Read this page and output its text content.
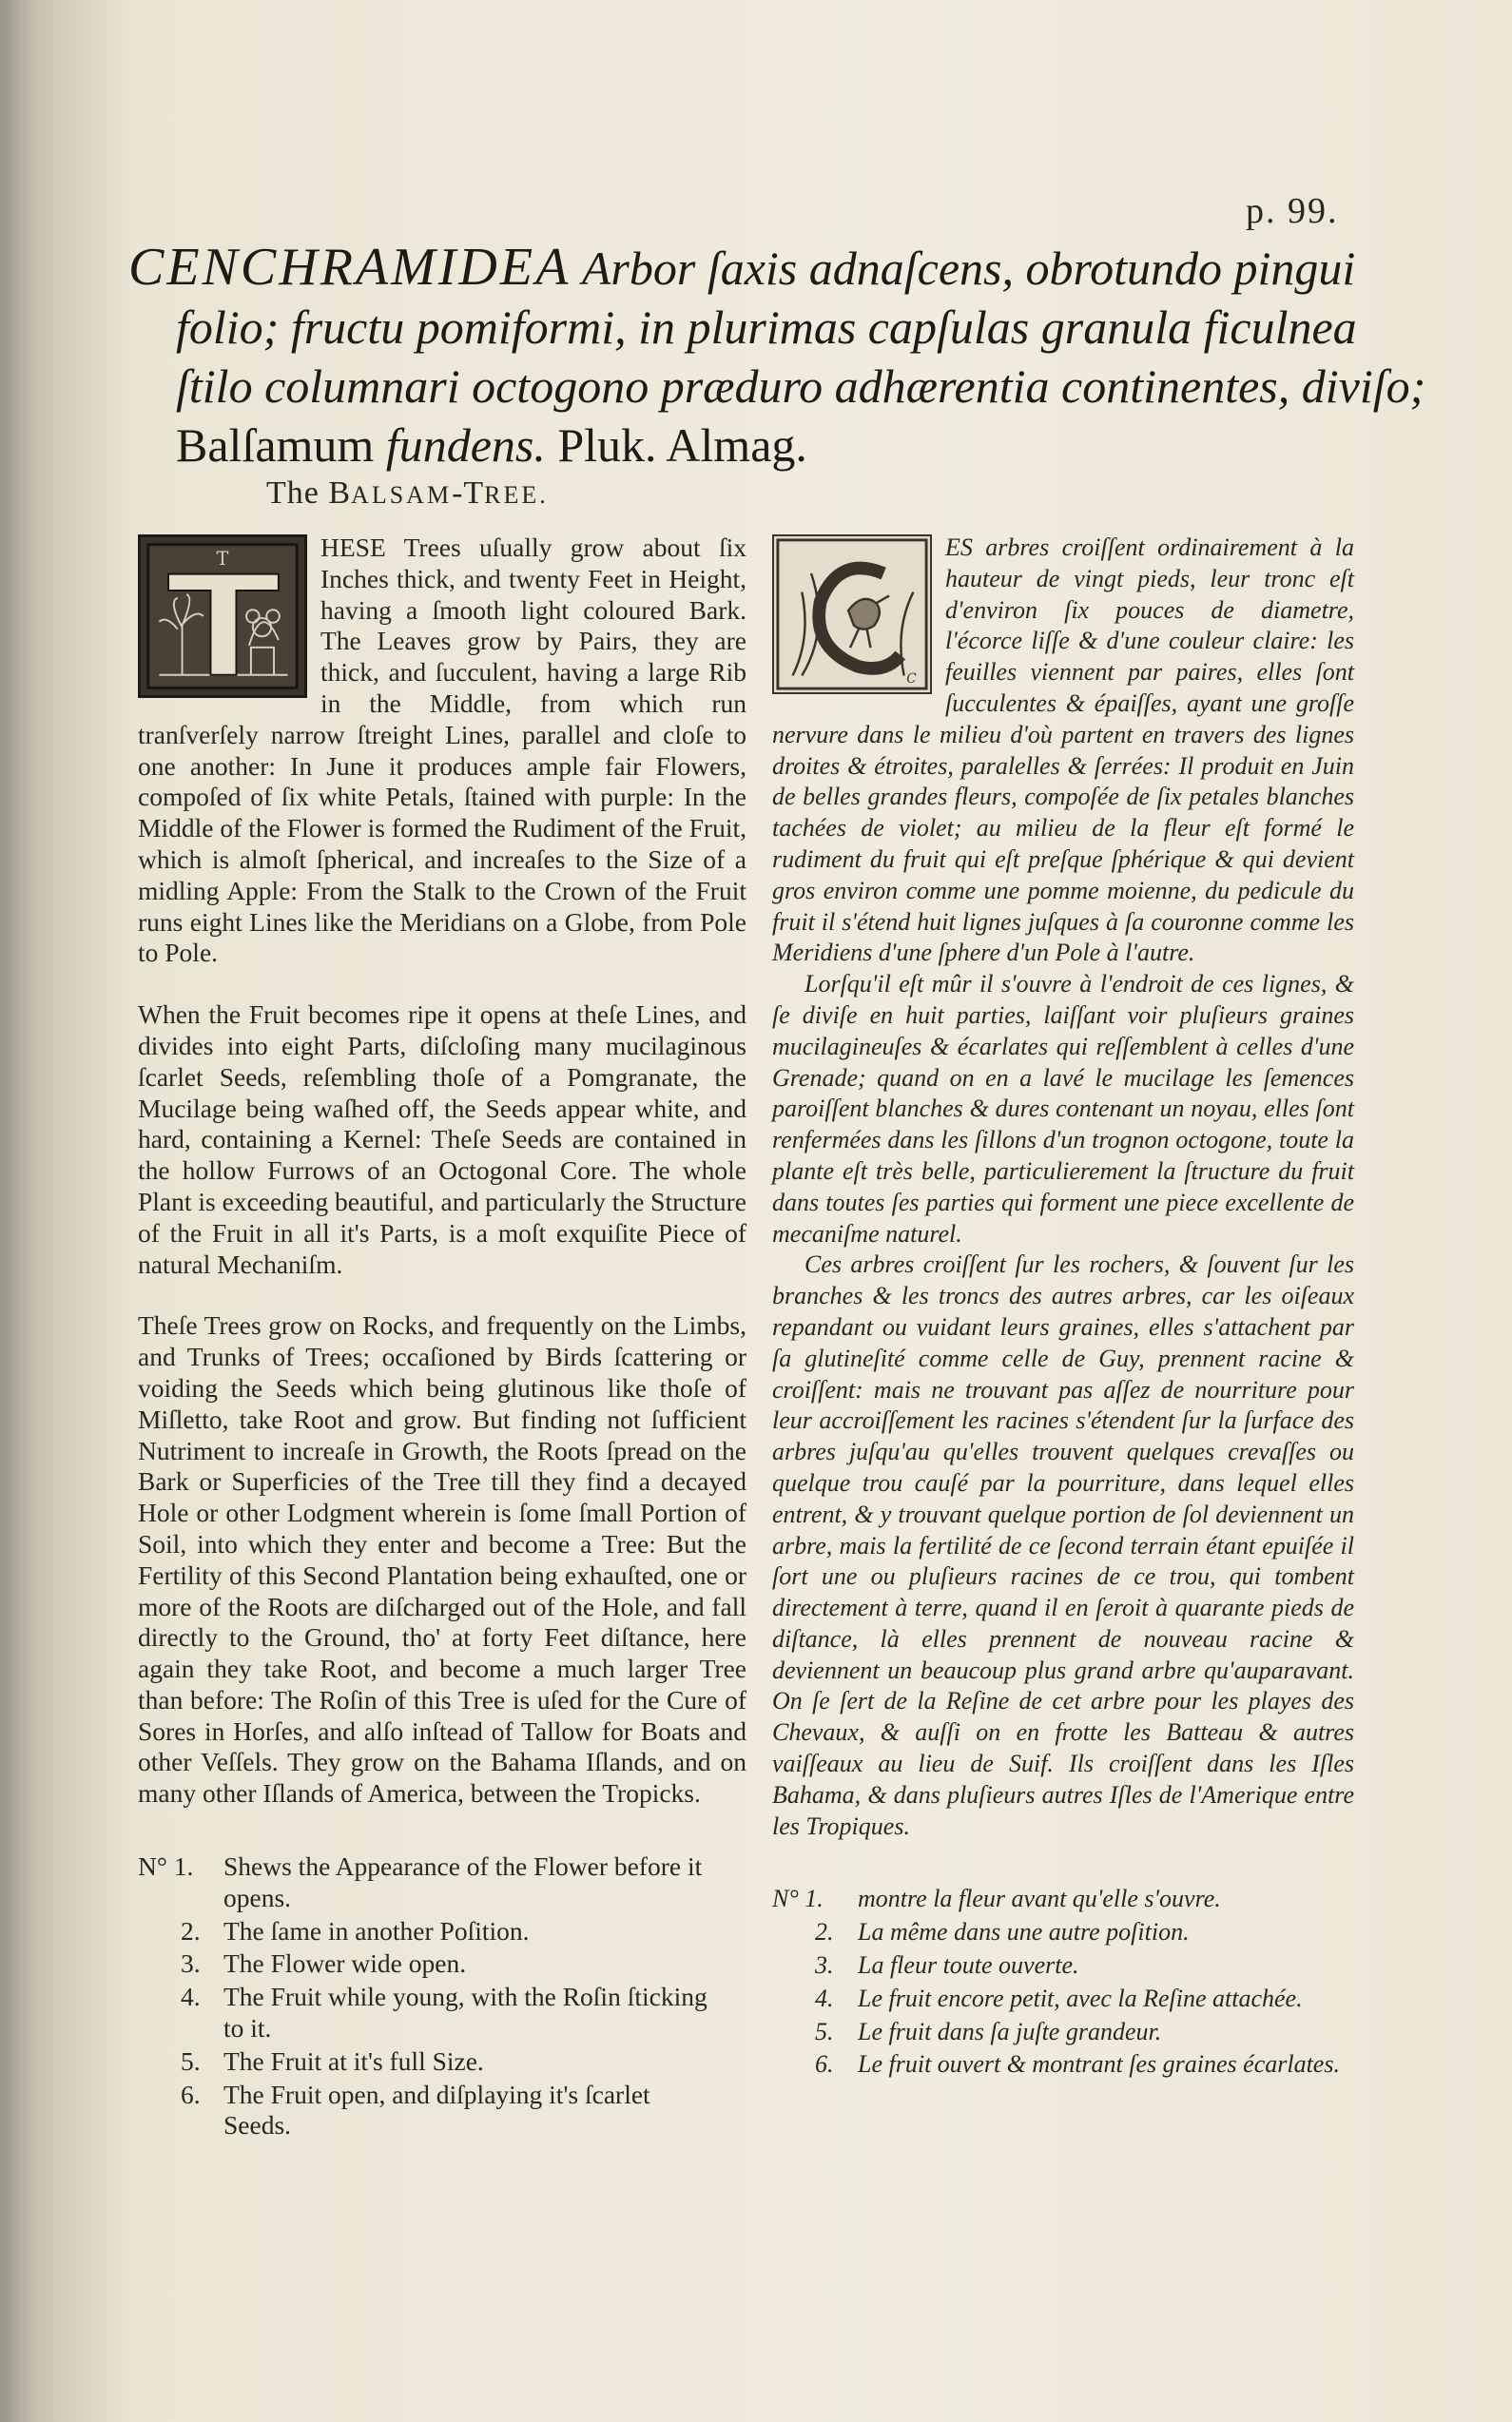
p. 99.
CENCHRAMIDEA Arbor ſaxis adnaſcens, obrotundo pingui
folio; fructu pomiformi, in plurimas capſulas granula ficulnea
ſtilo columnari octogono præduro adhærentia continentes, diviſo;
Balſamum fundens. Pluk. Almag.
The BALSAM-TREE.

T	HESE Trees uſually grow about ſix Inches thick, and twenty Feet in Height, having a ſmooth light coloured Bark. The Leaves grow by Pairs, they are thick, and ſucculent, having a large Rib in the Middle, from which run tranſverſely narrow ſtreight Lines, parallel and cloſe to one another: In June it produces ample fair Flowers, compoſed of ſix white Petals, ſtained with purple: In the Middle of the Flower is formed the Rudiment of the Fruit, which is almoſt ſpherical, and increaſes to the Size of a midling Apple: From the Stalk to the Crown of the Fruit runs eight Lines like the Meridians on a Globe, from Pole to Pole.

When the Fruit becomes ripe it opens at theſe Lines, and divides into eight Parts, diſcloſing many mucilaginous ſcarlet Seeds, reſembling thoſe of a Pomgranate, the Mucilage being waſhed off, the Seeds appear white, and hard, containing a Kernel: Theſe Seeds are contained in the hollow Furrows of an Octogonal Core. The whole Plant is exceeding beautiful, and particularly the Structure of the Fruit in all it's Parts, is a moſt exquiſite Piece of natural Mechaniſm.

Theſe Trees grow on Rocks, and frequently on the Limbs, and Trunks of Trees; occaſioned by Birds ſcattering or voiding the Seeds which being glutinous like thoſe of Miſletto, take Root and grow. But finding not ſufficient Nutriment to increaſe in Growth, the Roots ſpread on the Bark or Superficies of the Tree till they find a decayed Hole or other Lodgment wherein is ſome ſmall Portion of Soil, into which they enter and become a Tree: But the Fertility of this Second Plantation being exhauſted, one or more of the Roots are diſcharged out of the Hole, and fall directly to the Ground, tho' at forty Feet diſtance, here again they take Root, and become a much larger Tree than before: The Roſin of this Tree is uſed for the Cure of Sores in Horſes, and alſo inſtead of Tallow for Boats and other Veſſels. They grow on the Bahama Iſlands, and on many other Iſlands of America, between the Tropicks.

N° 1. Shews the Appearance of the Flower before it opens.
2. The ſame in another Poſition.
3. The Flower wide open.
4. The Fruit while young, with the Roſin ſticking to it.
5. The Fruit at it's full Size.
6. The Fruit open, and diſplaying it's ſcarlet Seeds.

C
ES arbres croiſſent ordinairement à la hauteur de vingt pieds, leur tronc eſt d'environ ſix pouces de diametre, l'écorce liſſe & d'une couleur claire: les feuilles viennent par paires, elles ſont ſucculentes & épaiſſes, ayant une groſſe nervure dans le milieu d'où partent en travers des lignes droites & étroites, paralelles & ſerrées: Il produit en Juin de belles grandes fleurs, compoſée de ſix petales blanches tachées de violet; au milieu de la fleur eſt formé le rudiment du fruit qui eſt preſque ſphérique & qui devient gros environ comme une pomme moienne, du pedicule du fruit il s'étend huit lignes juſques à ſa couronne comme les Meridiens d'une ſphere d'un Pole à l'autre.

Lorſqu'il eſt mûr il s'ouvre à l'endroit de ces lignes, & ſe diviſe en huit parties, laiſſant voir pluſieurs graines mucilagineuſes & écarlates qui reſſemblent à celles d'une Grenade; quand on en a lavé le mucilage les ſemences paroiſſent blanches & dures contenant un noyau, elles ſont renfermées dans les ſillons d'un trognon octogone, toute la plante eſt très belle, particulierement la ſtructure du fruit dans toutes ſes parties qui forment une piece excellente de mecaniſme naturel.

Ces arbres croiſſent ſur les rochers, & ſouvent ſur les branches & les troncs des autres arbres, car les oiſeaux repandant ou vuidant leurs graines, elles s'attachent par ſa glutineſité comme celle de Guy, prennent racine & croiſſent: mais ne trouvant pas aſſez de nourriture pour leur accroiſſement les racines s'étendent ſur la ſurface des arbres juſqu'au qu'elles trouvent quelques crevaſſes ou quelque trou cauſé par la pourriture, dans lequel elles entrent, & y trouvant quelque portion de ſol deviennent un arbre, mais la fertilité de ce ſecond terrain étant epuiſée il ſort une ou pluſieurs racines de ce trou, qui tombent directement à terre, quand il en ſeroit à quarante pieds de diſtance, là elles prennent de nouveau racine & deviennent un beaucoup plus grand arbre qu'auparavant. On ſe ſert de la Reſine de cet arbre pour les playes des Chevaux, & auſſi on en frotte les Batteau & autres vaiſſeaux au lieu de Suif. Ils croiſſent dans les Iſles Bahama, & dans pluſieurs autres Iſles de l'Amerique entre les Tropiques.

N° 1. montre la fleur avant qu'elle s'ouvre.
2. La même dans une autre poſition.
3. La fleur toute ouverte.
4. Le fruit encore petit, avec la Reſine attachée.
5. Le fruit dans ſa juſte grandeur.
6. Le fruit ouvert & montrant ſes graines écarlates.
